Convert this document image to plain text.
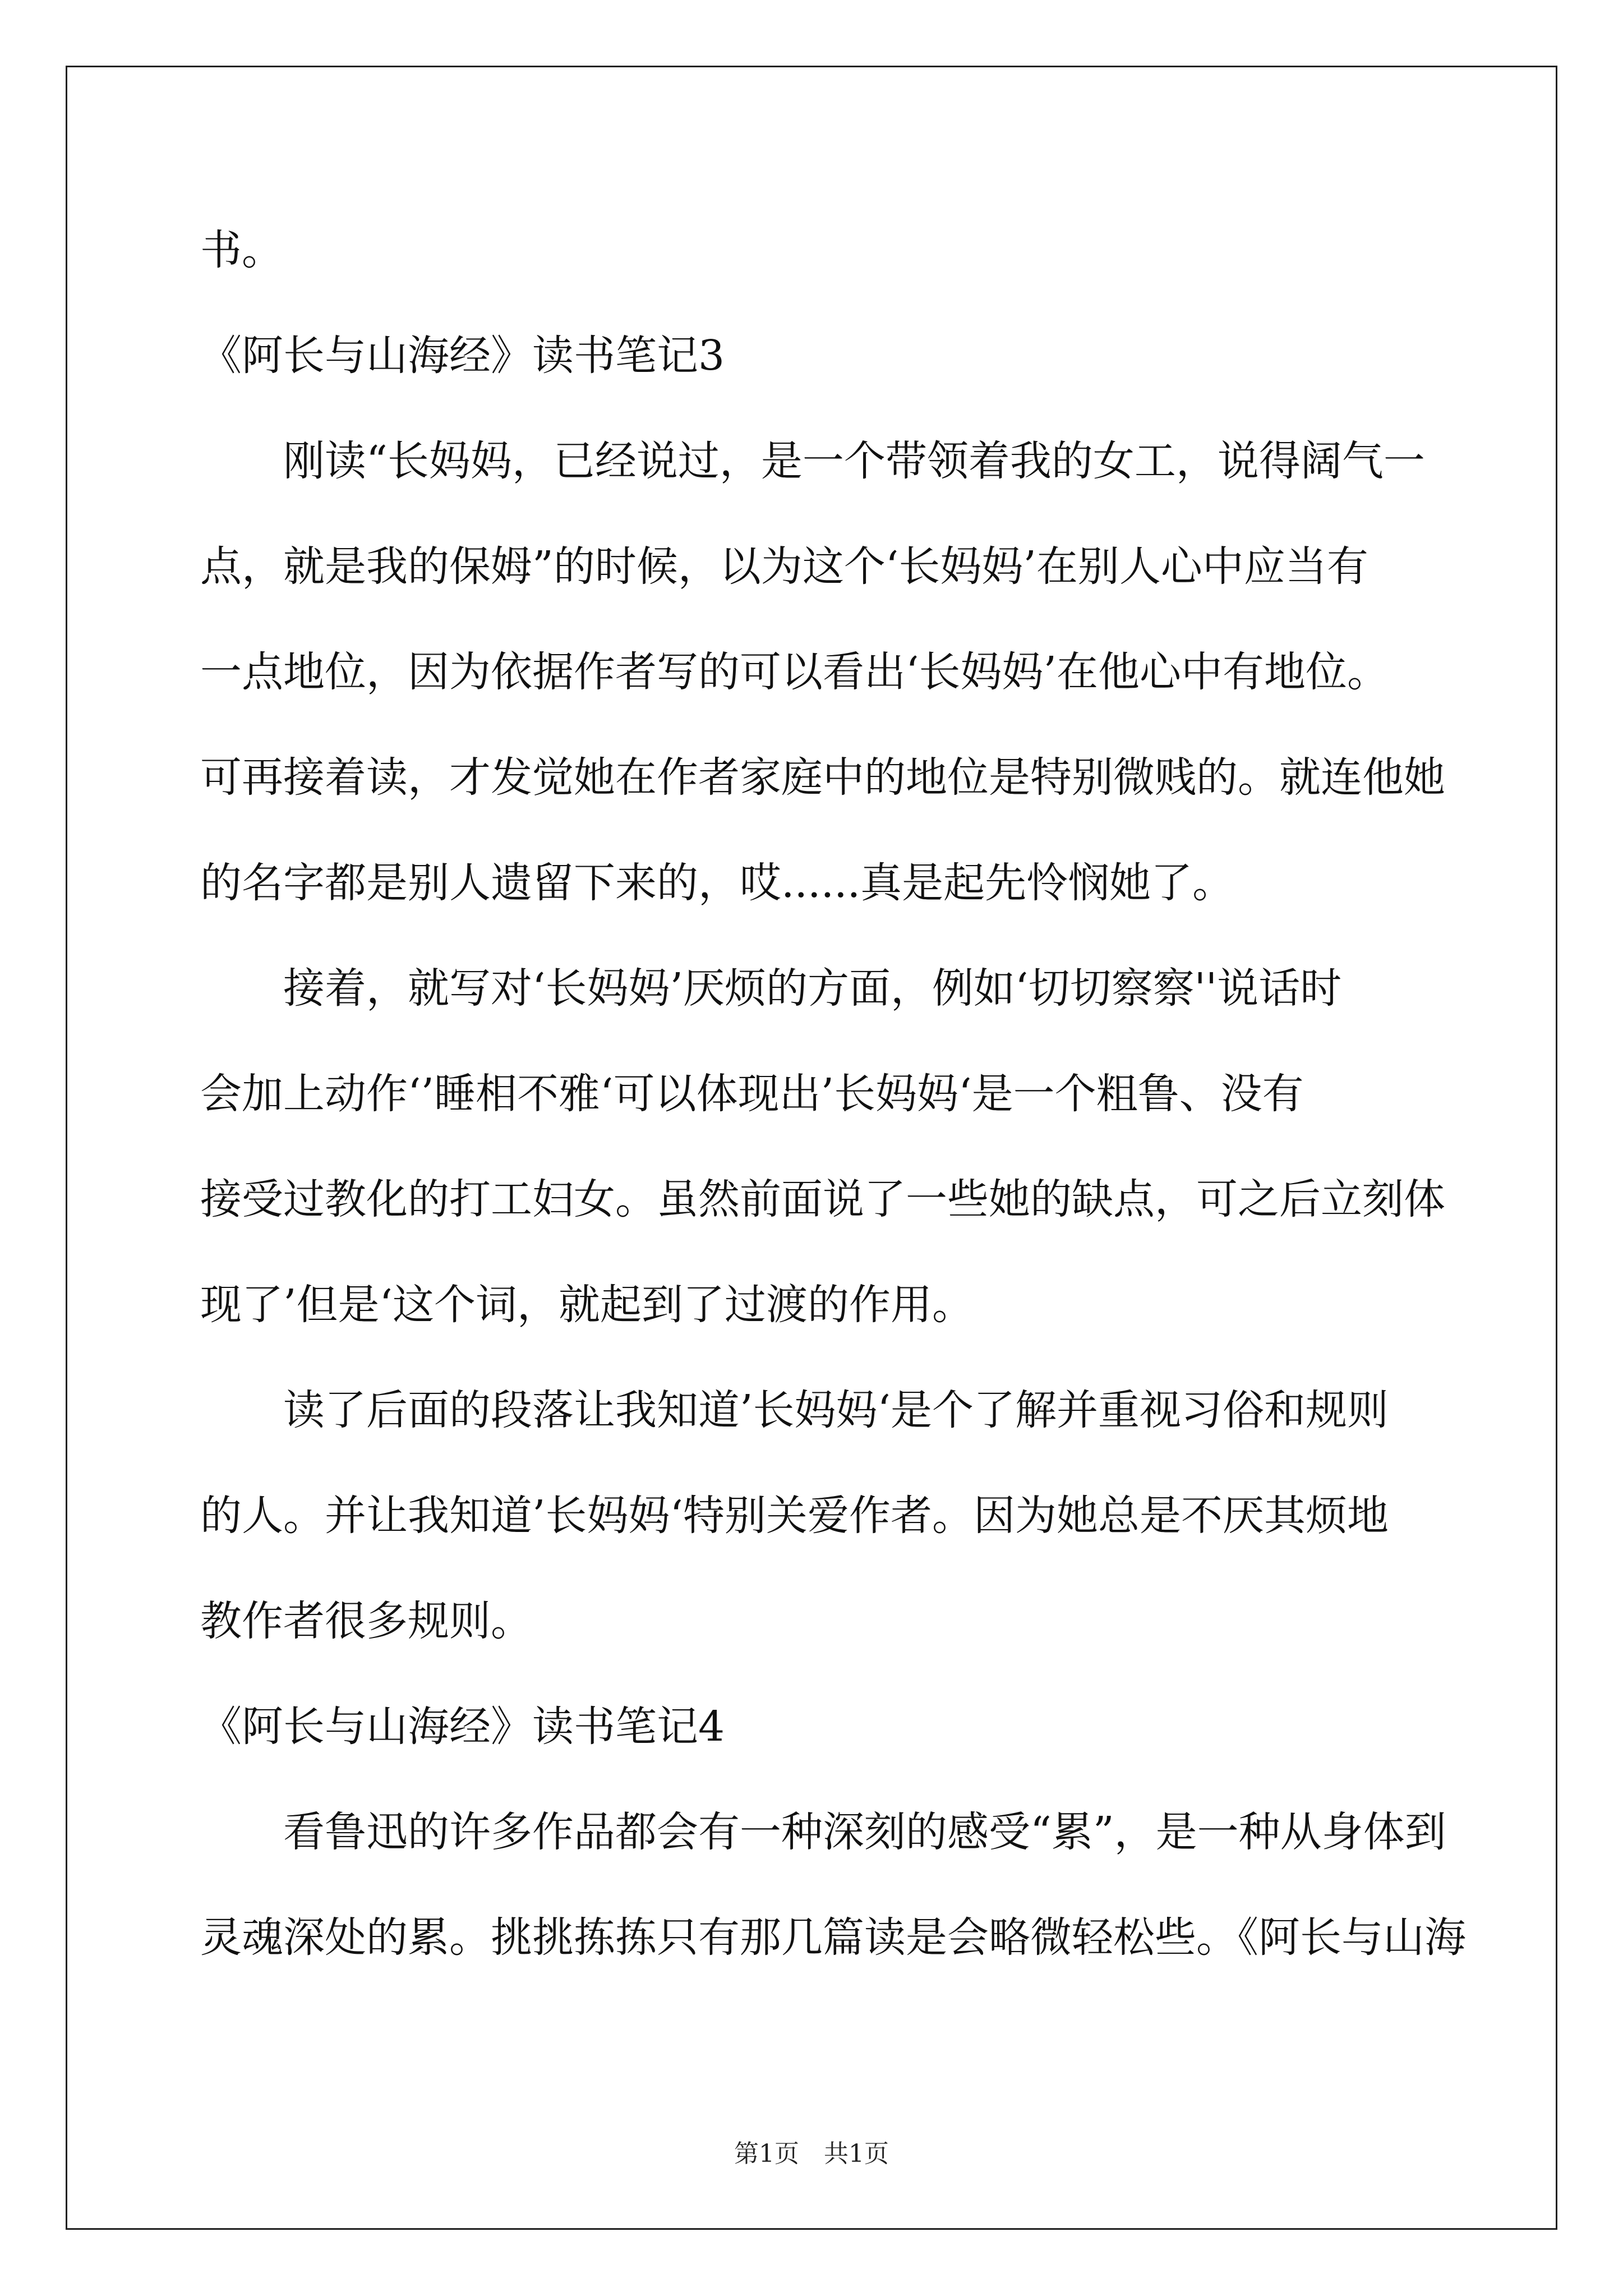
书。
《阿长与山海经》读书笔记3
　　刚读“长妈妈，已经说过，是一个带领着我的女工，说得阔气一
点，就是我的保姆”的时候，以为这个‘长妈妈’在别人心中应当有
一点地位，因为依据作者写的可以看出‘长妈妈’在他心中有地位。
可再接着读，才发觉她在作者家庭中的地位是特别微贱的。就连他她
的名字都是别人遗留下来的，哎......真是起先怜悯她了。
　　接着，就写对‘长妈妈’厌烦的方面，例如‘切切察察''说话时
会加上动作‘’睡相不雅‘可以体现出’长妈妈‘是一个粗鲁、没有
接受过教化的打工妇女。虽然前面说了一些她的缺点，可之后立刻体
现了’但是‘这个词，就起到了过渡的作用。
　　读了后面的段落让我知道’长妈妈‘是个了解并重视习俗和规则
的人。并让我知道’长妈妈‘特别关爱作者。因为她总是不厌其烦地
教作者很多规则。
《阿长与山海经》读书笔记4
　　看鲁迅的许多作品都会有一种深刻的感受“累”，是一种从身体到
灵魂深处的累。挑挑拣拣只有那几篇读是会略微轻松些。《阿长与山海
第1页　共1页
